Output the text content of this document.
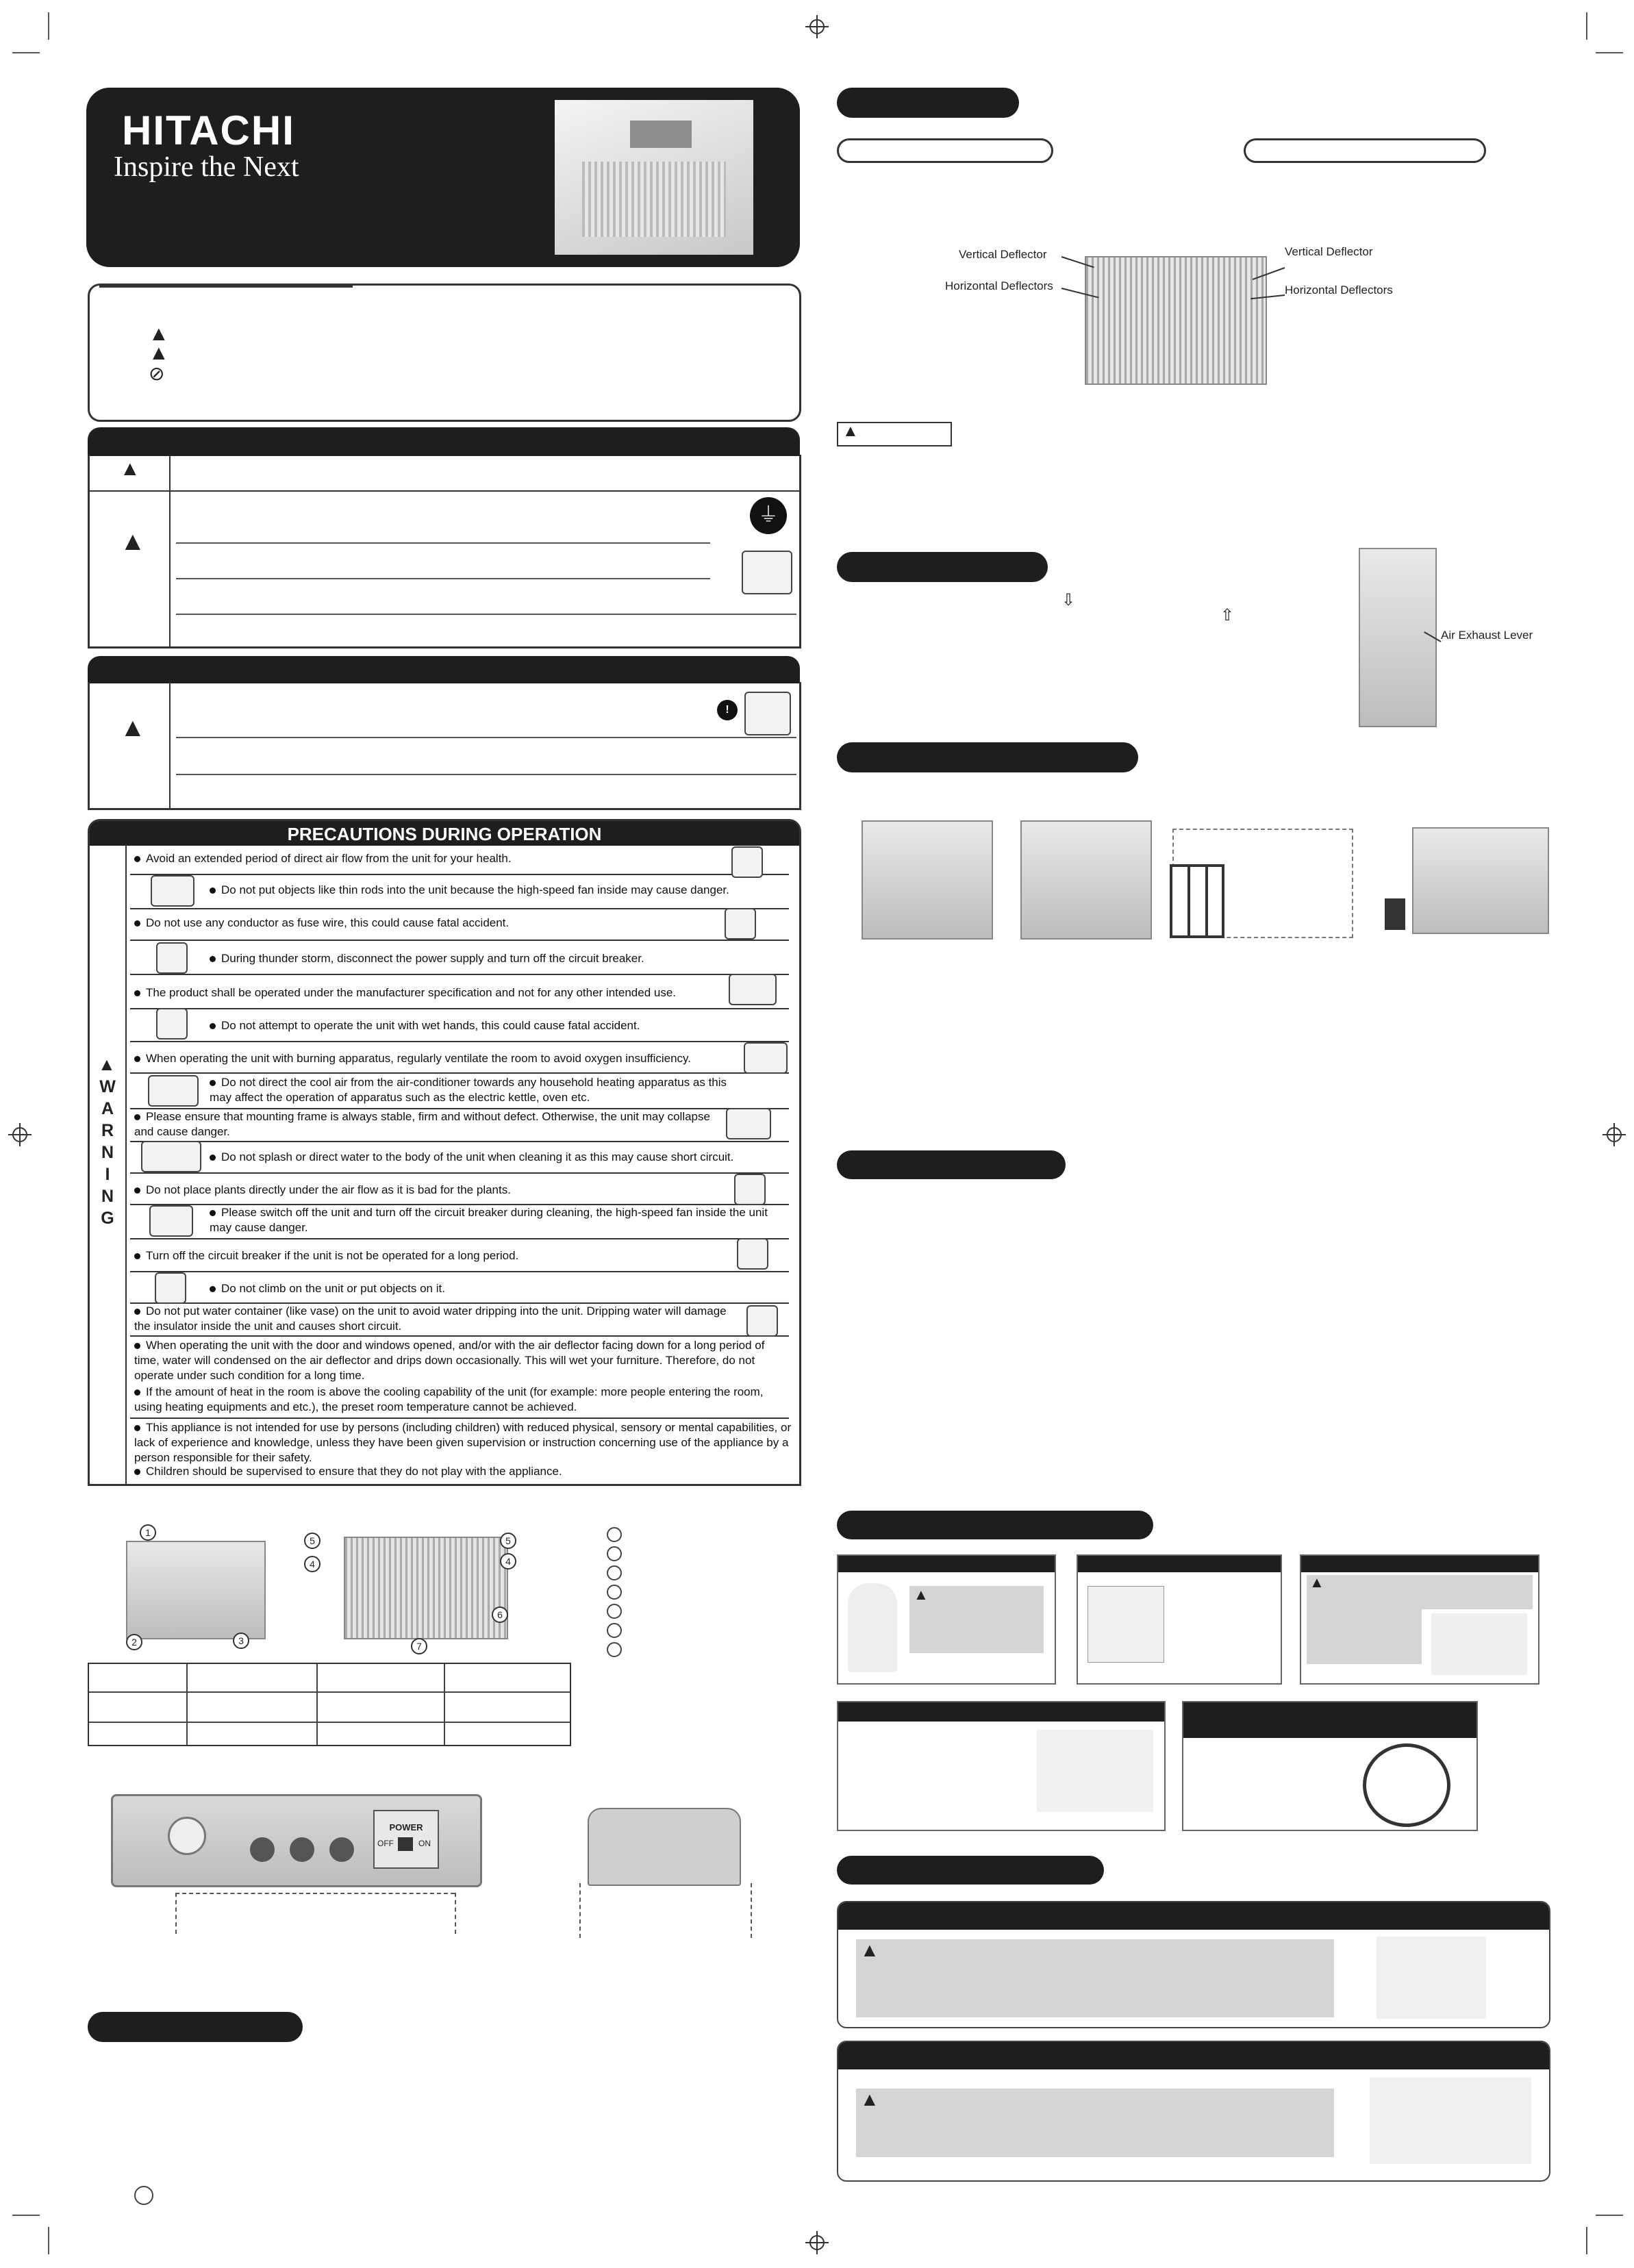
HITACHI
Inspire the Next
▲
▲
⊘
▲
▲
⏚
▲
!
PRECAUTIONS DURING OPERATION
▲
W A R N I N G
Avoid an extended period of direct air flow from the unit for your health.
Do not put objects like thin rods into the unit because the high-speed fan inside may cause danger.
Do not use any conductor as fuse wire, this could cause fatal accident.
During thunder storm, disconnect the power supply and turn off the circuit breaker.
The product shall be operated under the manufacturer specification and not for any other intended use.
Do not attempt to operate the unit with wet hands, this could cause fatal accident.
When operating the unit with burning apparatus, regularly ventilate the room to avoid oxygen insufficiency.
Do not direct the cool air from the air-conditioner towards any household heating apparatus as this may affect the operation of apparatus such as the electric kettle, oven etc.
Please ensure that mounting frame is always stable, firm and without defect. Otherwise, the unit may collapse and cause danger.
Do not splash or direct water to the body of the unit when cleaning it as this may cause short circuit.
Do not place plants directly under the air flow as it is bad for the plants.
Please switch off the unit and turn off the circuit breaker during cleaning, the high-speed fan inside the unit may cause danger.
Turn off the circuit breaker if the unit is not be operated for a long period.
Do not climb on the unit or put objects on it.
Do not put water container (like vase) on the unit to avoid water dripping into the unit. Dripping water will damage the insulator inside the unit and causes short circuit.
When operating the unit with the door and windows opened, and/or with the air deflector facing down for a long period of time, water will condensed on the air deflector and drips down occasionally. This will wet your furniture. Therefore, do not operate under such condition for a long time.
If the amount of heat in the room is above the cooling capability of the unit (for example: more people entering the room, using heating equipments and etc.), the preset room temperature cannot be achieved.
This appliance is not intended for use by persons (including children) with reduced physical, sensory or mental capabilities, or lack of experience and knowledge, unless they have been given supervision or instruction concerning use of the appliance by a person responsible for their safety.
Children should be supervised to ensure that they do not play with the appliance.
1
2	3
5
4
5
4
6
7
POWER
OFF	ON
Vertical Deflector
Horizontal Deflectors
Vertical Deflector
Horizontal Deflectors
▲
⇩
⇧
Air Exhaust Lever
▲
▲
▲
▲
